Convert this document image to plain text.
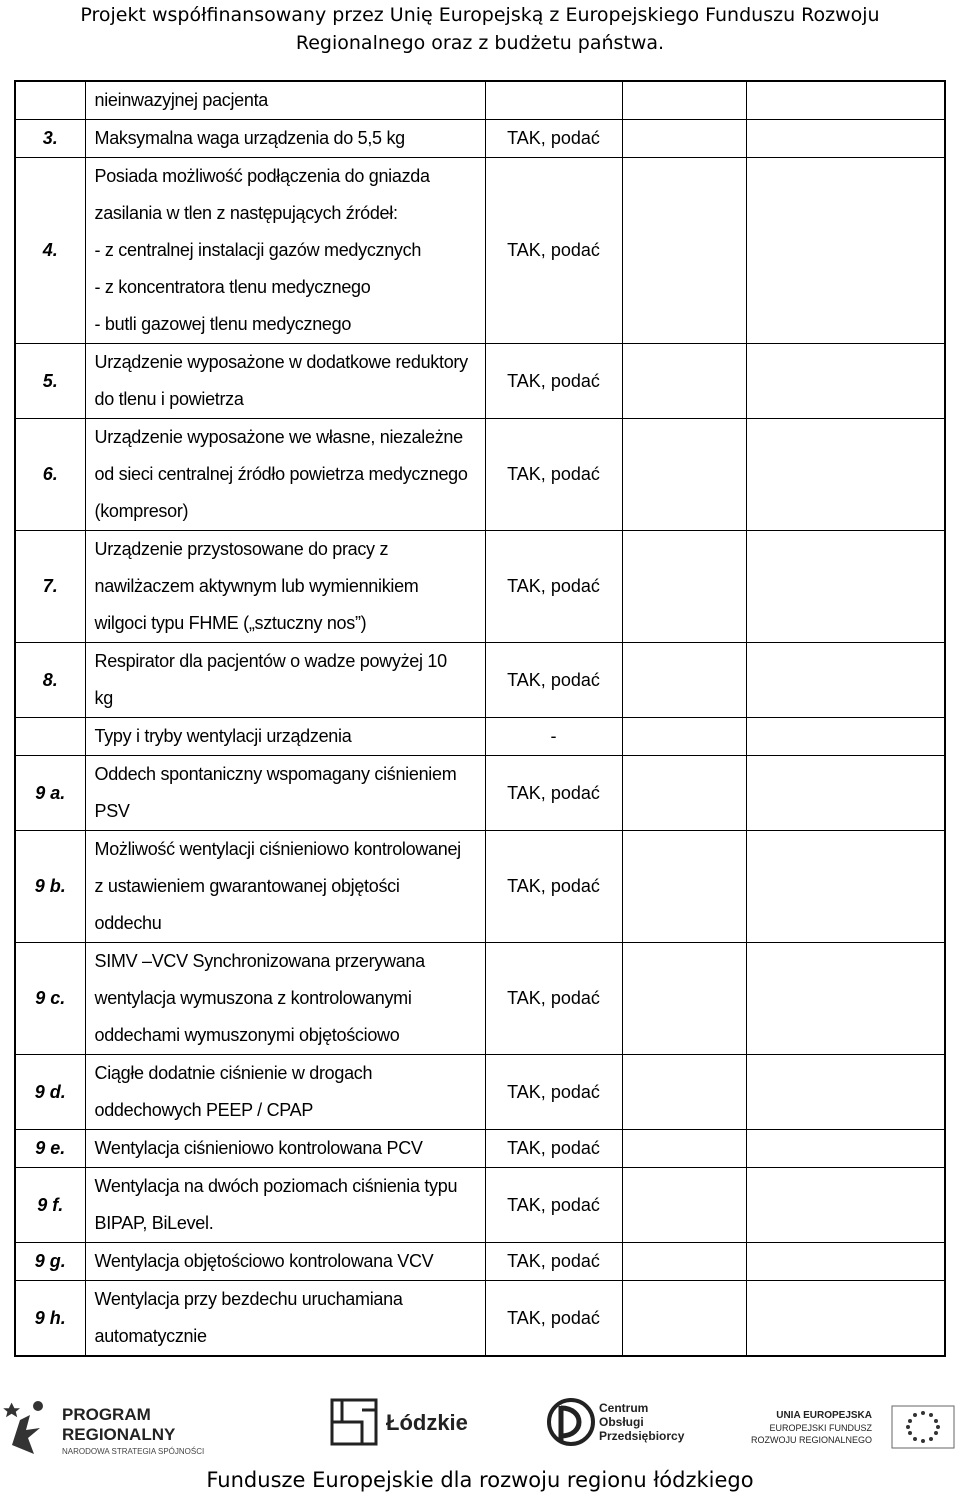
Projekt współfinansowany przez Unię Europejską z Europejskiego Funduszu Rozwoju
Regionalnego oraz z budżetu państwa.

	nieinwazyjnej pacjenta			

3.	Maksymalna waga urządzenia do 5,5 kg	TAK, podać		
4.	Posiada możliwość podłączenia do gniazda
zasilania w tlen z następujących źródeł:
- z centralnej instalacji gazów medycznych
- z koncentratora tlenu medycznego
- butli gazowej tlenu medycznego	TAK, podać		
5.	Urządzenie wyposażone w dodatkowe reduktory
do tlenu i powietrza	TAK, podać		
6.	Urządzenie wyposażone we własne, niezależne
od sieci centralnej źródło powietrza medycznego
(kompresor)	TAK, podać		
7.	Urządzenie przystosowane do pracy z
nawilżaczem aktywnym lub wymiennikiem
wilgoci typu FHME („sztuczny nos”)	TAK, podać		
8.	Respirator dla pacjentów o wadze powyżej 10
kg	TAK, podać		

	Typy i tryby wentylacji urządzenia	-		
9 a.	Oddech spontaniczny wspomagany ciśnieniem
PSV	TAK, podać		
9 b.	Możliwość wentylacji ciśnieniowo kontrolowanej
z ustawieniem gwarantowanej objętości
oddechu	TAK, podać		
9 c.	SIMV –VCV Synchronizowana przerywana
wentylacja wymuszona z kontrolowanymi
oddechami wymuszonymi objętościowo	TAK, podać		
9 d.	Ciągłe dodatnie ciśnienie w drogach
oddechowych PEEP / CPAP	TAK, podać		
9 e.	Wentylacja ciśnieniowo kontrolowana PCV	TAK, podać		
9 f.	Wentylacja na dwóch poziomach ciśnienia typu
BIPAP, BiLevel.	TAK, podać		
9 g.	Wentylacja objętościowo kontrolowana VCV	TAK, podać		
9 h.	Wentylacja przy bezdechu uruchamiana
automatycznie	TAK, podać		
PROGRAM
REGIONALNY
NARODOWA STRATEGIA SPÓJNOŚCI
Łódzkie
Centrum
Obsługi
Przedsiębiorcy
UNIA EUROPEJSKA
EUROPEJSKI FUNDUSZ
ROZWOJU REGIONALNEGO
Fundusze Europejskie dla rozwoju regionu łódzkiego
